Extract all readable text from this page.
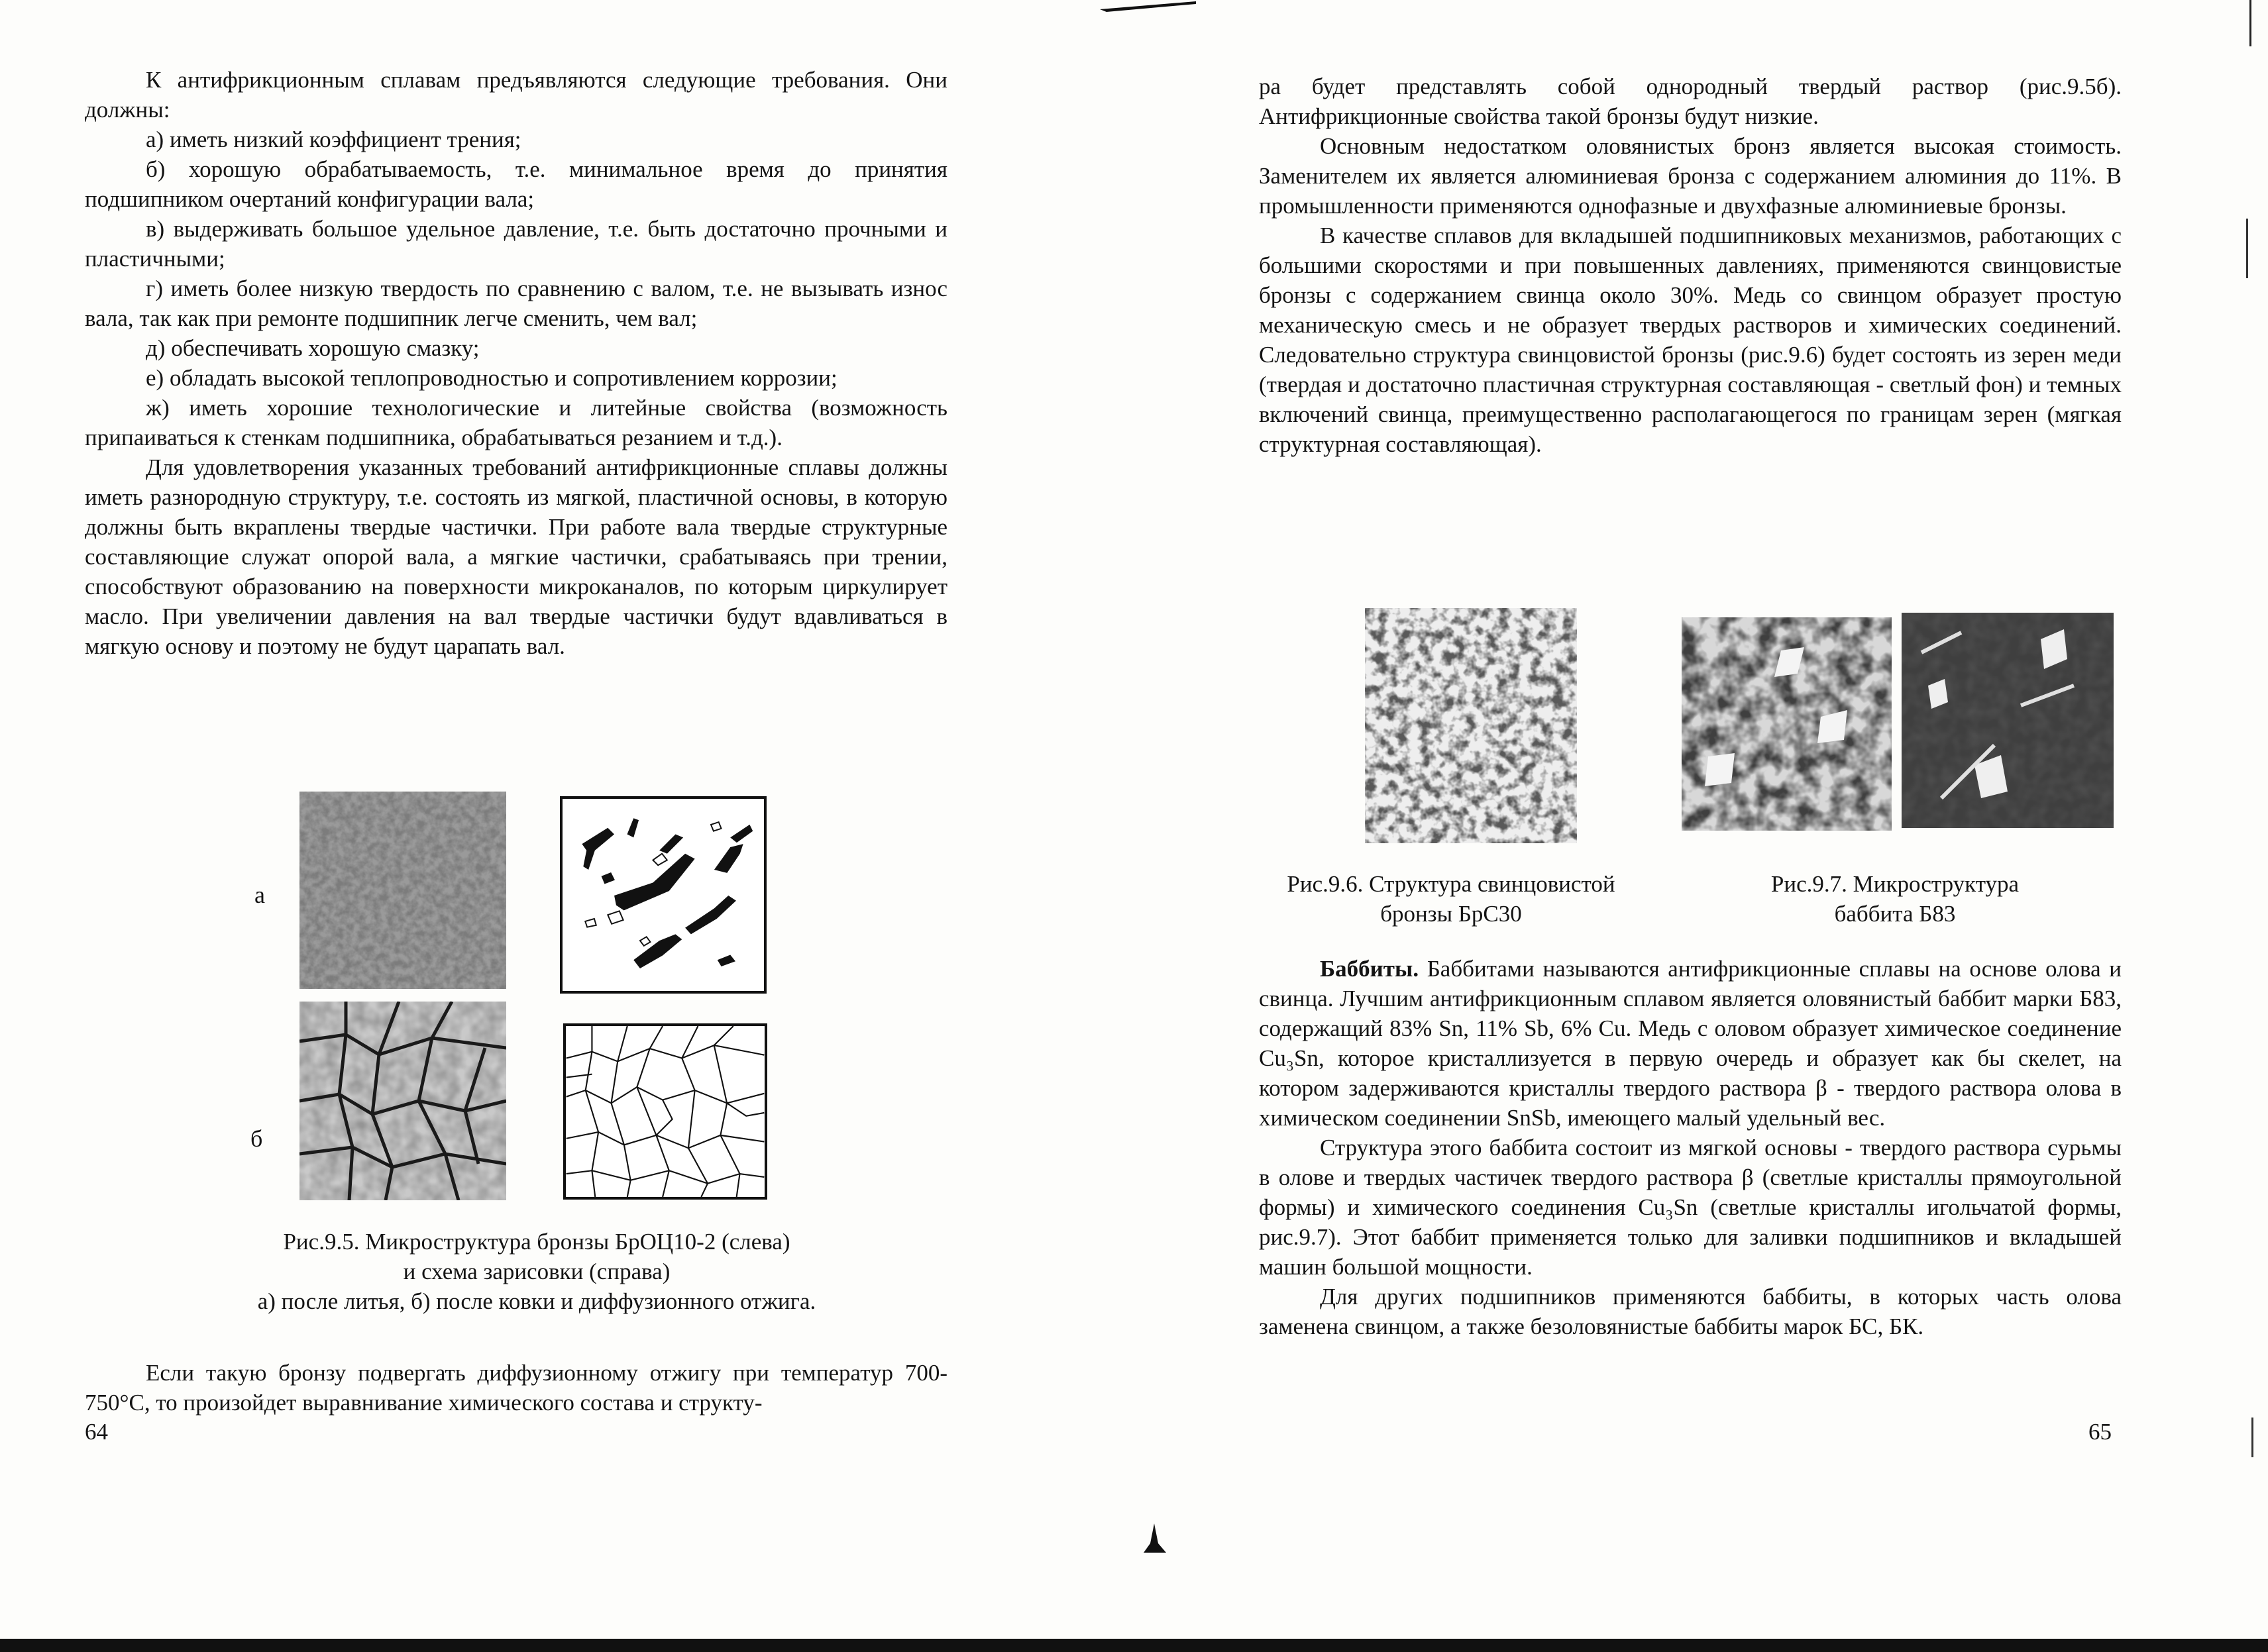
К антифрикционным сплавам предъявляются следующие требования. Они должны:

а) иметь низкий коэффициент трения;

б) хорошую обрабатываемость, т.е. минимальное время до принятия подшипником очертаний конфигурации вала;

в) выдерживать большое удельное давление, т.е. быть достаточно прочными и пластичными;

г) иметь более низкую твердость по сравнению с валом, т.е. не вызывать износ вала, так как при ремонте подшипник легче сменить, чем вал;

д) обеспечивать хорошую смазку;

е) обладать высокой теплопроводностью и сопротивлением коррозии;

ж) иметь хорошие технологические и литейные свойства (возможность припаиваться к стенкам подшипника, обрабатываться резанием и т.д.).

Для удовлетворения указанных требований антифрикционные сплавы должны иметь разнородную структуру, т.е. состоять из мягкой, пластичной основы, в которую должны быть вкраплены твердые частички. При работе вала твердые структурные составляющие служат опорой вала, а мягкие частички, срабатываясь при трении, способствуют образованию на поверхности микроканалов, по которым циркулирует масло. При увеличении давления на вал твердые частички будут вдавливаться в мягкую основу и поэтому не будут царапать вал.

а
б
Рис.9.5. Микроструктура бронзы БрОЦ10-2 (слева)
и схема зарисовки (справа)
а) после литья, б) после ковки и диффузионного отжига.

Если такую бронзу подвергать диффузионному отжигу при температур 700-750°С, то произойдет выравнивание химического состава и структу-

64

ра будет представлять собой однородный твердый раствор (рис.9.5б). Антифрикционные свойства такой бронзы будут низкие.

Основным недостатком оловянистых бронз является высокая стоимость. Заменителем их является алюминиевая бронза с содержанием алюминия до 11%. В промышленности применяются однофазные и двухфазные алюминиевые бронзы.

В качестве сплавов для вкладышей подшипниковых механизмов, работающих с большими скоростями и при повышенных давлениях, применяются свинцовистые бронзы с содержанием свинца около 30%. Медь со свинцом образует простую механическую смесь и не образует твердых растворов и химических соединений. Следовательно структура свинцовистой бронзы (рис.9.6) будет состоять из зерен меди (твердая и достаточно пластичная структурная составляющая - светлый фон) и темных включений свинца, преимущественно располагающегося по границам зерен (мягкая структурная составляющая).

Рис.9.6. Структура свинцовистой
бронзы БрС30
Рис.9.7. Микроструктура
баббита Б83

Баббиты. Баббитами называются антифрикционные сплавы на основе олова и свинца. Лучшим антифрикционным сплавом является оловянистый баббит марки Б83, содержащий 83% Sn, 11% Sb, 6% Cu. Медь с оловом образует химическое соединение Cu₃Sn, которое кристаллизуется в первую очередь и образует как бы скелет, на котором задерживаются кристаллы твердого раствора β - твердого раствора олова в химическом соединении SnSb, имеющего малый удельный вес.

Структура этого баббита состоит из мягкой основы - твердого раствора сурьмы в олове и твердых частичек твердого раствора β (светлые кристаллы прямоугольной формы) и химического соединения Cu₃Sn (светлые кристаллы игольчатой формы, рис.9.7). Этот баббит применяется только для заливки подшипников и вкладышей машин большой мощности.

Для других подшипников применяются баббиты, в которых часть олова заменена свинцом, а также безоловянистые баббиты марок БС, БК.

65
